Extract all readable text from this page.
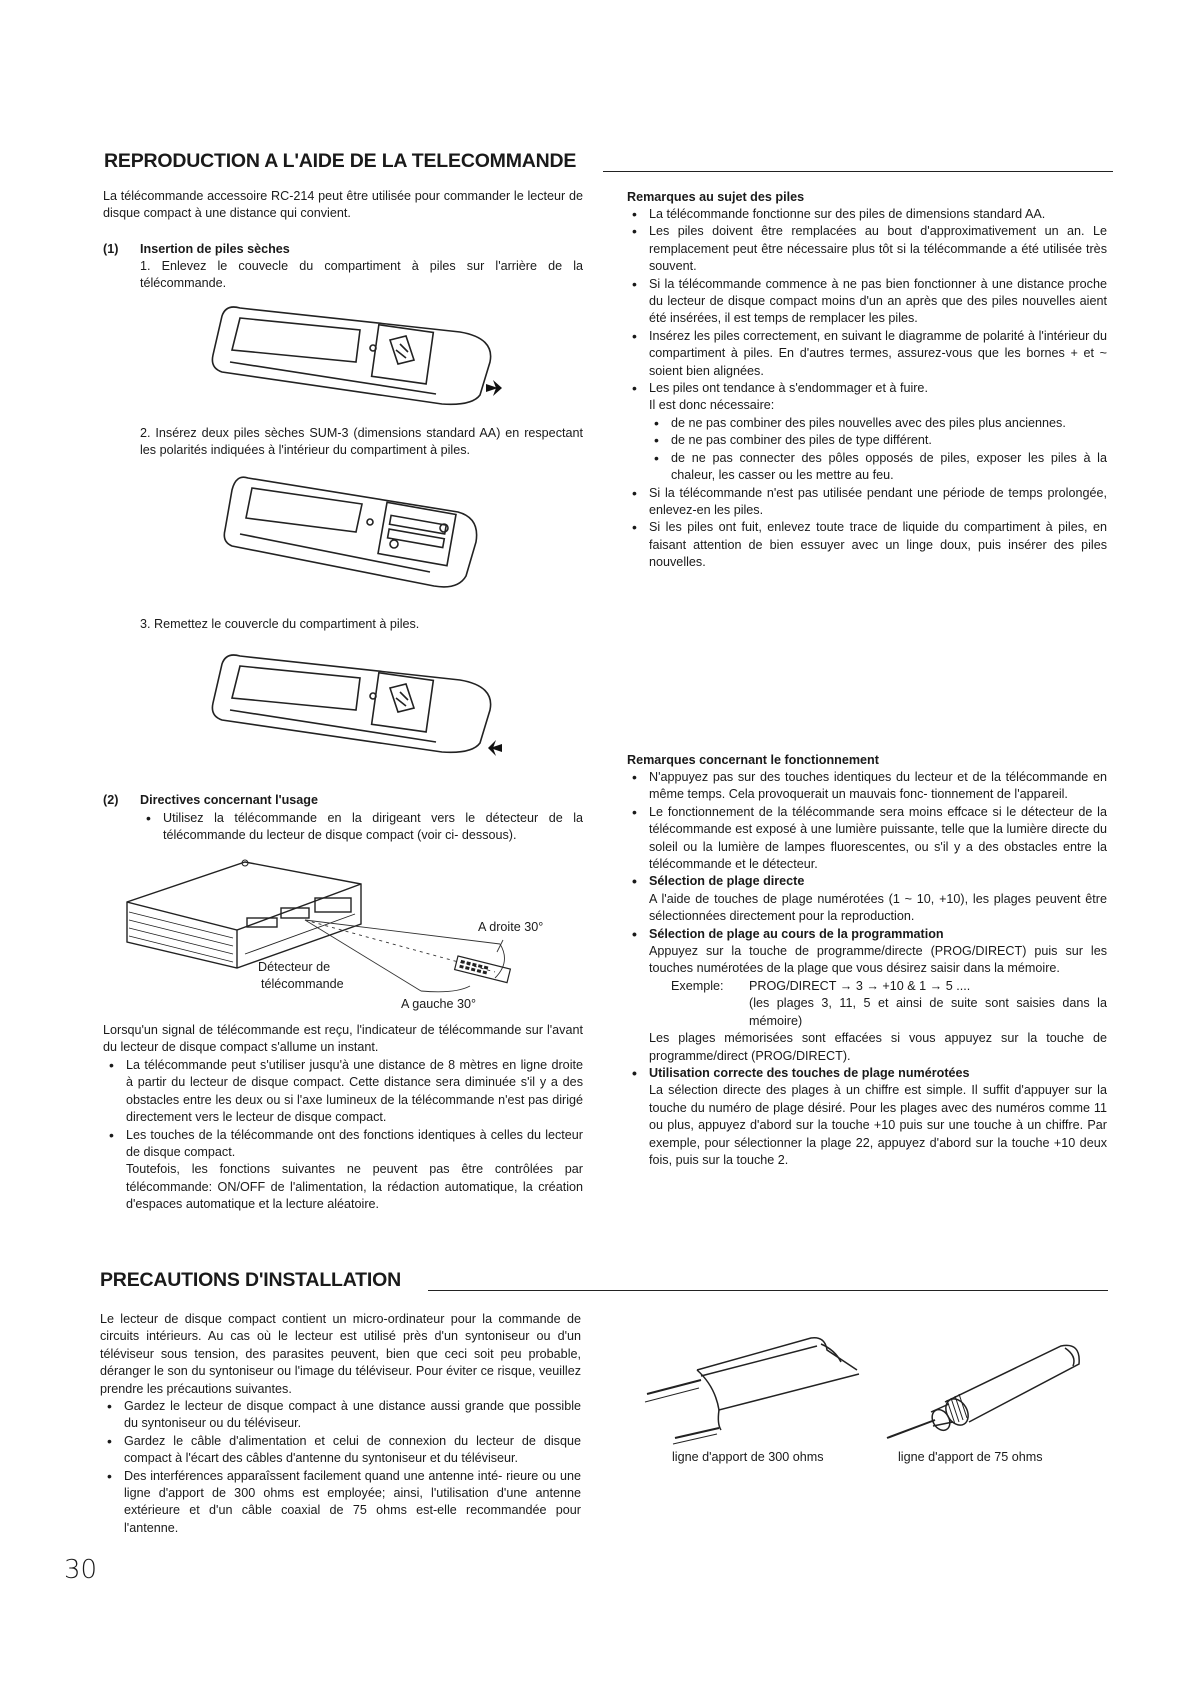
REPRODUCTION A L'AIDE DE LA TELECOMMANDE
La télécommande accessoire RC-214 peut être utilisée pour commander le lecteur de disque compact à une distance qui convient.
(1) Insertion de piles sèches
1. Enlevez le couvecle du compartiment à piles sur l'arrière de la télécommande.
2. Insérez deux piles sèches SUM-3 (dimensions standard AA) en respectant les polarités indiquées à l'intérieur du compartiment à piles.
3. Remettez le couvercle du compartiment à piles.
(2) Directives concernant l'usage
• Utilisez la télécommande en la dirigeant vers le détecteur de la télécommande du lecteur de disque compact (voir ci- dessous).
A droite 30°
Détecteur de
télécommande
A gauche 30°
Lorsqu'un signal de télécommande est reçu, l'indicateur de télécommande sur l'avant du lecteur de disque compact s'allume un instant.
• La télécommande peut s'utiliser jusqu'à une distance de 8 mètres en ligne droite à partir du lecteur de disque compact. Cette distance sera diminuée s'il y a des obstacles entre les deux ou si l'axe lumineux de la télécommande n'est pas dirigé directement vers le lecteur de disque compact.
• Les touches de la télécommande ont des fonctions identiques à celles du lecteur de disque compact.
Toutefois, les fonctions suivantes ne peuvent pas être contrôlées par télécommande: ON/OFF de l'alimentation, la rédaction automatique, la création d'espaces automatique et la lecture aléatoire.
Remarques au sujet des piles
• La télécommande fonctionne sur des piles de dimensions standard AA.
• Les piles doivent être remplacées au bout d'approximativement un an. Le remplacement peut être nécessaire plus tôt si la télécommande a été utilisée très souvent.
• Si la télécommande commence à ne pas bien fonctionner à une distance proche du lecteur de disque compact moins d'un an après que des piles nouvelles aient été insérées, il est temps de remplacer les piles.
• Insérez les piles correctement, en suivant le diagramme de polarité à l'intérieur du compartiment à piles. En d'autres termes, assurez-vous que les bornes + et ~ soient bien alignées.
• Les piles ont tendance à s'endommager et à fuire.
Il est donc nécessaire:
• de ne pas combiner des piles nouvelles avec des piles plus anciennes.
• de ne pas combiner des piles de type différent.
• de ne pas connecter des pôles opposés de piles, exposer les piles à la chaleur, les casser ou les mettre au feu.
• Si la télécommande n'est pas utilisée pendant une période de temps prolongée, enlevez-en les piles.
• Si les piles ont fuit, enlevez toute trace de liquide du compartiment à piles, en faisant attention de bien essuyer avec un linge doux, puis insérer des piles nouvelles.
Remarques concernant le fonctionnement
• N'appuyez pas sur des touches identiques du lecteur et de la télécommande en même temps. Cela provoquerait un mauvais fonc- tionnement de l'appareil.
• Le fonctionnement de la télécommande sera moins effcace si le détecteur de la télécommande est exposé à une lumière puissante, telle que la lumière directe du soleil ou la lumière de lampes fluorescentes, ou s'il y a des obstacles entre la télécommande et le détecteur.
• Sélection de plage directe
A l'aide de touches de plage numérotées (1 ~ 10, +10), les plages peuvent être sélectionnées directement pour la reproduction.
• Sélection de plage au cours de la programmation
Appuyez sur la touche de programme/directe (PROG/DIRECT) puis sur les touches numérotées de la plage que vous désirez saisir dans la mémoire.
Exemple: PROG/DIRECT → 3 → +10 & 1 → 5 ....
(les plages 3, 11, 5 et ainsi de suite sont saisies dans la mémoire)
Les plages mémorisées sont effacées si vous appuyez sur la touche de programme/direct (PROG/DIRECT).
• Utilisation correcte des touches de plage numérotées
La sélection directe des plages à un chiffre est simple. Il suffit d'appuyer sur la touche du numéro de plage désiré. Pour les plages avec des numéros comme 11 ou plus, appuyez d'abord sur la touche +10 puis sur une touche à un chiffre. Par exemple, pour sélectionner la plage 22, appuyez d'abord sur la touche +10 deux fois, puis sur la touche 2.
PRECAUTIONS D'INSTALLATION
Le lecteur de disque compact contient un micro-ordinateur pour la commande de circuits intérieurs. Au cas où le lecteur est utilisé près d'un syntoniseur ou d'un téléviseur sous tension, des parasites peuvent, bien que ceci soit peu probable, déranger le son du syntoniseur ou l'image du téléviseur. Pour éviter ce risque, veuillez prendre les précautions suivantes.
• Gardez le lecteur de disque compact à une distance aussi grande que possible du syntoniseur ou du téléviseur.
• Gardez le câble d'alimentation et celui de connexion du lecteur de disque compact à l'écart des câbles d'antenne du syntoniseur et du téléviseur.
• Des interférences apparaîssent facilement quand une antenne inté- rieure ou une ligne d'apport de 300 ohms est employée; ainsi, l'utilisation d'une antenne extérieure et d'un câble coaxial de 75 ohms est-elle recommandée pour l'antenne.
ligne d'apport de 300 ohms	ligne d'apport de 75 ohms
30
